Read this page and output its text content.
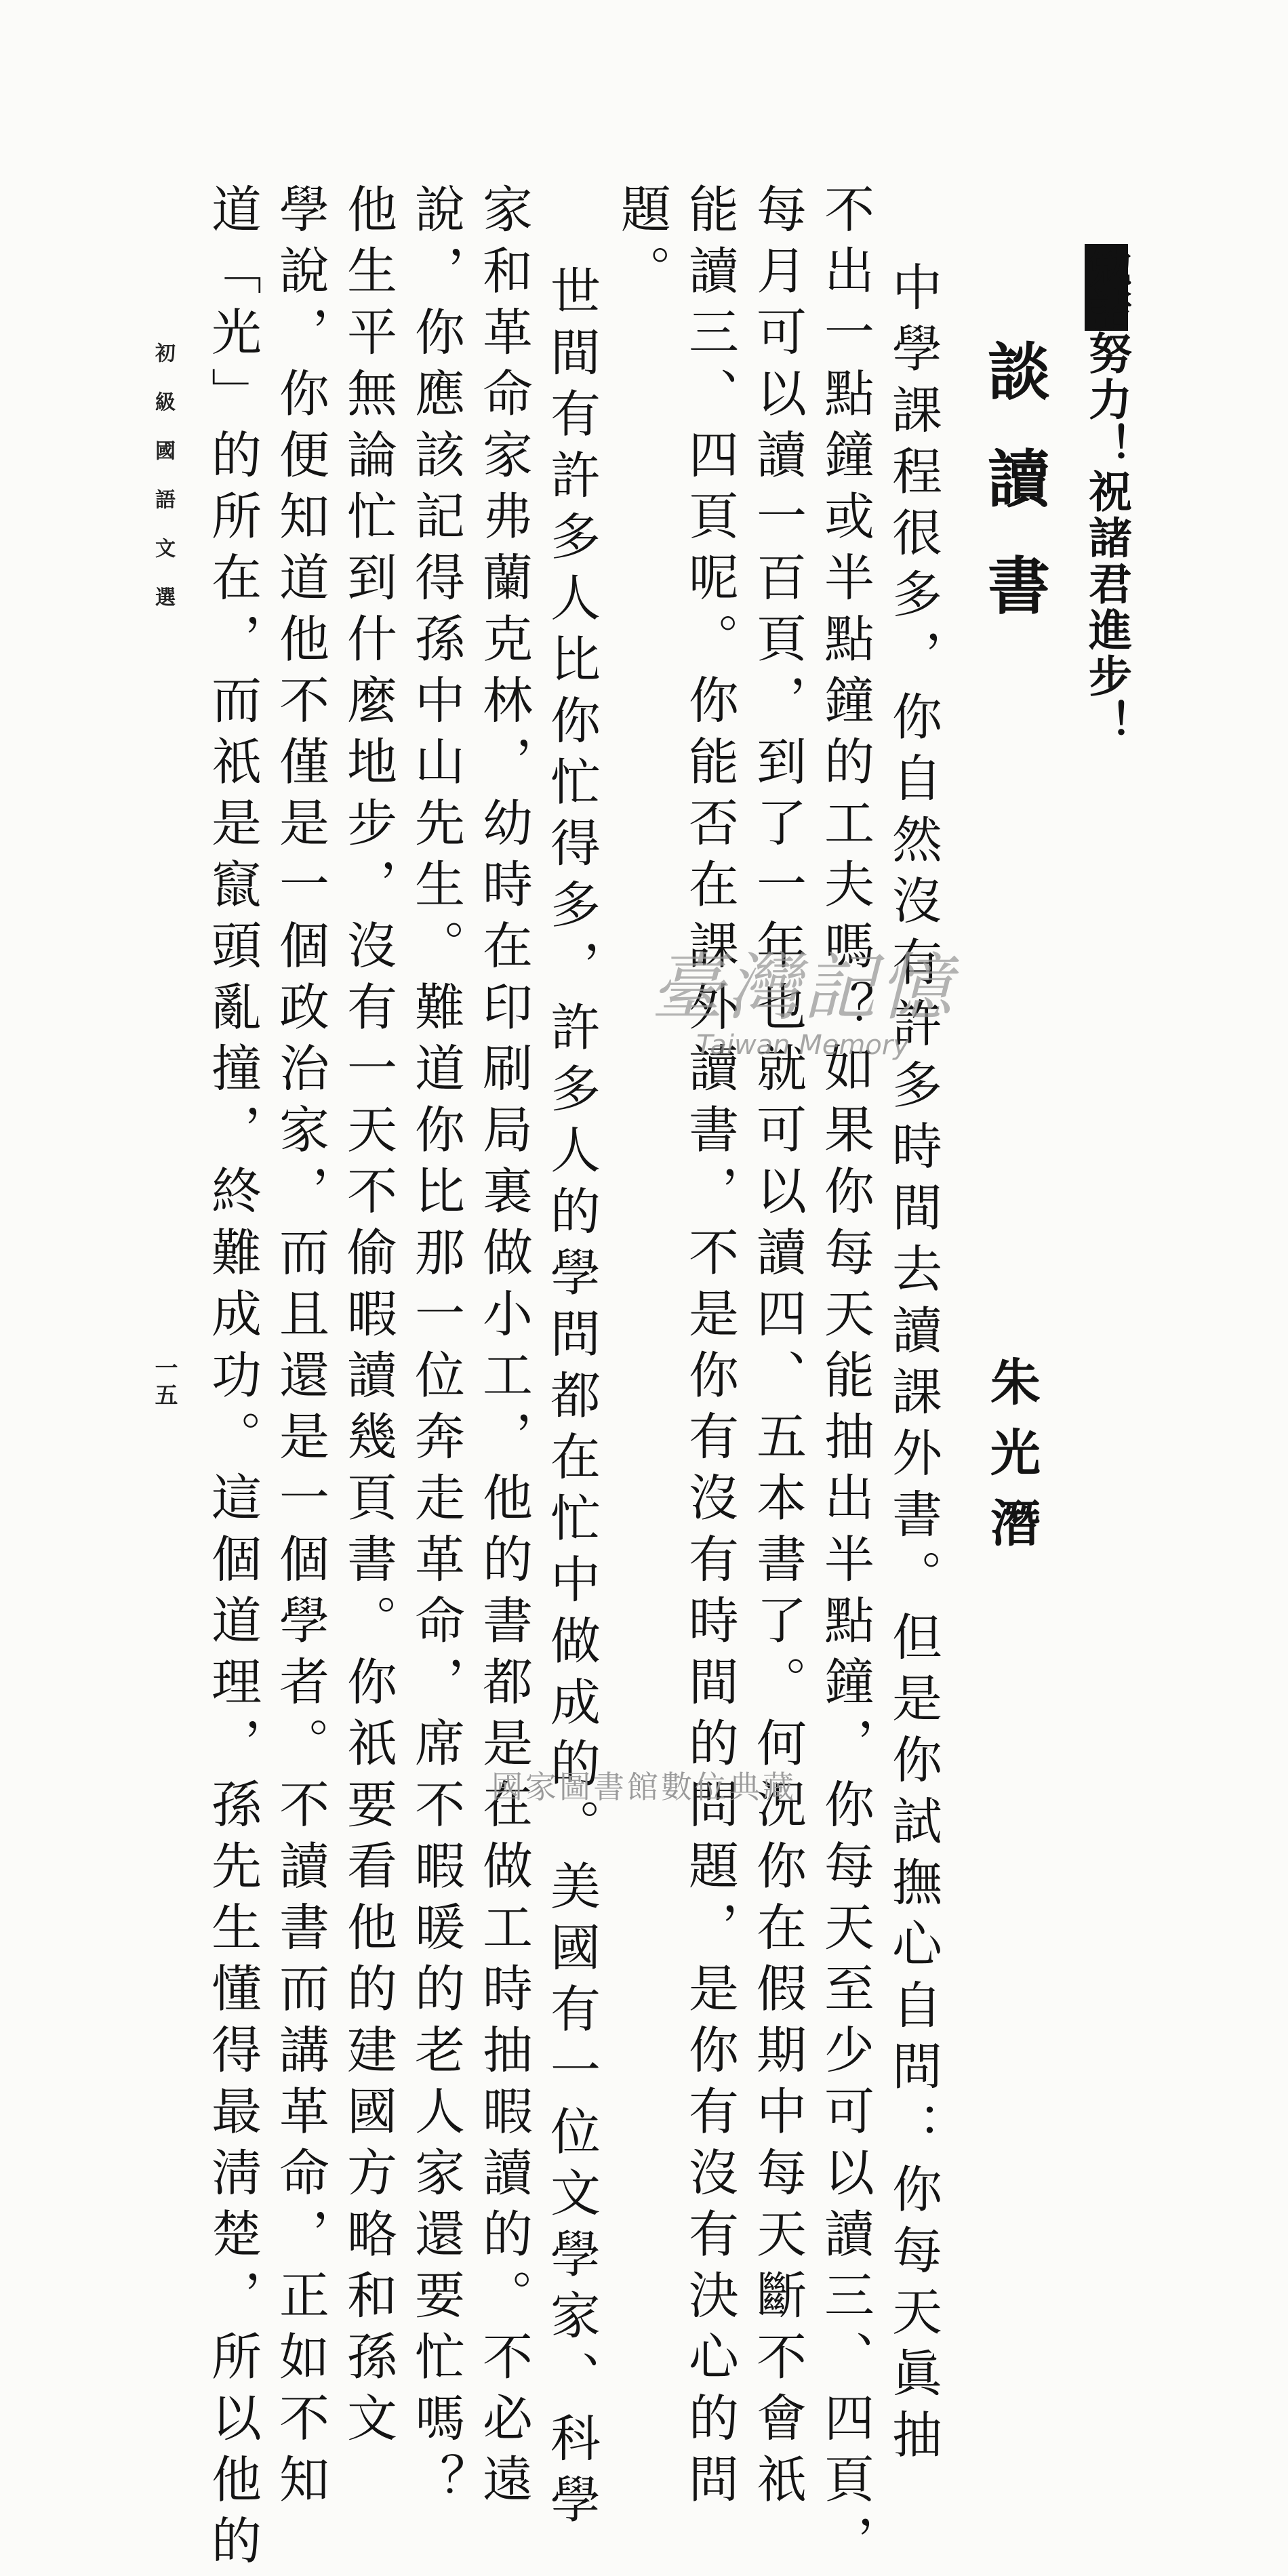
勉諸努力！祝諸君進步！
談讀書
朱光潛
中學課程很多，你自然沒有許多時間去讀課外書。但是你試撫心自問：你每天眞抽
不出一點鐘或半點鐘的工夫嗎？如果你每天能抽出半點鐘，你每天至少可以讀三、四頁，
每月可以讀一百頁，到了一年也就可以讀四、五本書了。何況你在假期中每天斷不會祇
能讀三、四頁呢。你能否在課外讀書，不是你有沒有時間的問題，是你有沒有決心的問
題。
　世間有許多人比你忙得多，許多人的學問都在忙中做成的。美國有一位文學家、科學
家和革命家弗蘭克林，幼時在印刷局裏做小工，他的書都是在做工時抽暇讀的。不必遠
說，你應該記得孫中山先生。難道你比那一位奔走革命，席不暇暖的老人家還要忙嗎？
他生平無論忙到什麼地步，沒有一天不偷暇讀幾頁書。你祇要看他的建國方略和孫文
學說，你便知道他不僅是一個政治家，而且還是一個學者。不讀書而講革命，正如不知
道「光」的所在，而祇是竄頭亂撞，終難成功。這個道理，孫先生懂得最淸楚，所以他的
初級國語文選
一五
臺灣記憶
Taiwan Memory
國家圖書館數位典藏
